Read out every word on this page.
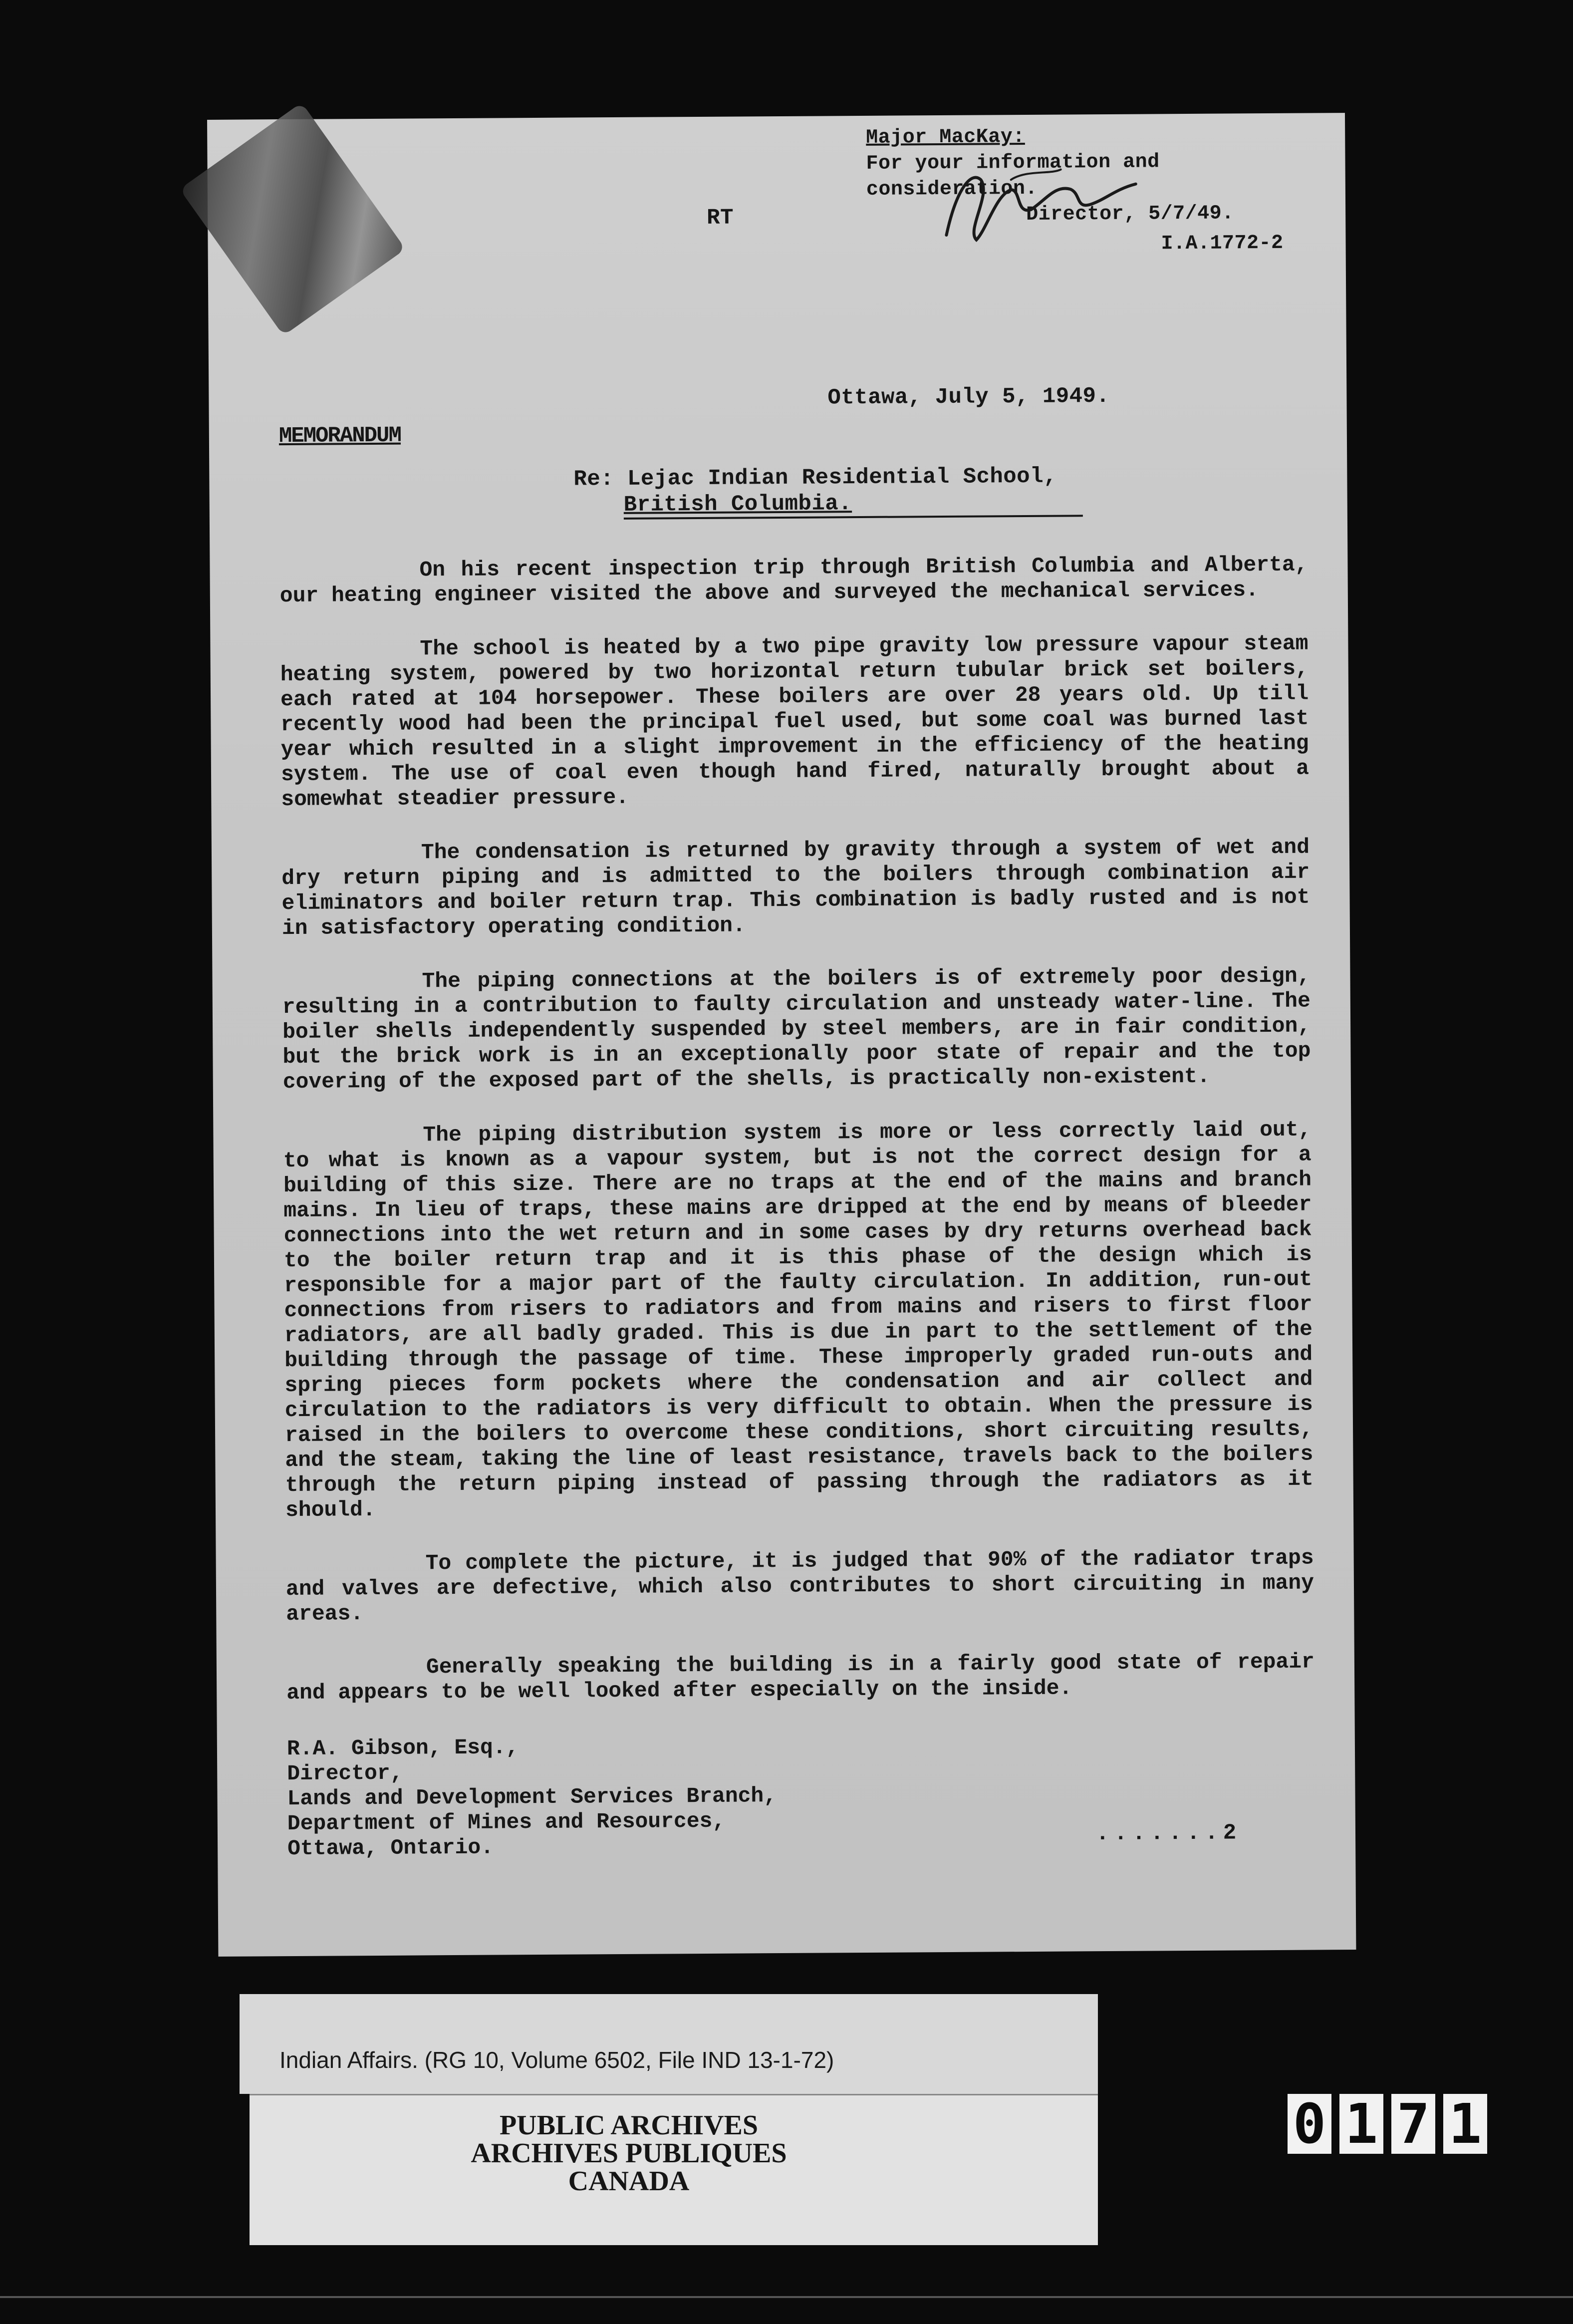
Major MacKay:
For your information and
consideration.
Director, 5/7/49.
I.A.1772-2
RT
Ottawa, July 5, 1949.
MEMORANDUM
Re: Lejac Indian Residential School,
British Columbia.

On his recent inspection trip through British Columbia and Alberta, our heating engineer visited the above and surveyed the mechanical services.

The school is heated by a two pipe gravity low pressure vapour steam heating system, powered by two horizontal return tubular brick set boilers, each rated at 104 horsepower. These boilers are over 28 years old. Up till recently wood had been the principal fuel used, but some coal was burned last year which resulted in a slight improvement in the efficiency of the heating system. The use of coal even though hand fired, naturally brought about a somewhat steadier pressure.

The condensation is returned by gravity through a system of wet and dry return piping and is admitted to the boilers through combination air eliminators and boiler return trap. This combination is badly rusted and is not in satisfactory operating condition.

The piping connections at the boilers is of extremely poor design, resulting in a contribution to faulty circulation and unsteady water-line. The boiler shells independently suspended by steel members, are in fair condition, but the brick work is in an exceptionally poor state of repair and the top covering of the exposed part of the shells, is practically non-existent.

The piping distribution system is more or less correctly laid out, to what is known as a vapour system, but is not the correct design for a building of this size. There are no traps at the end of the mains and branch mains. In lieu of traps, these mains are dripped at the end by means of bleeder connections into the wet return and in some cases by dry returns overhead back to the boiler return trap and it is this phase of the design which is responsible for a major part of the faulty circulation. In addition, run-out connections from risers to radiators and from mains and risers to first floor radiators, are all badly graded. This is due in part to the settlement of the building through the passage of time. These improperly graded run-outs and spring pieces form pockets where the condensation and air collect and circulation to the radiators is very difficult to obtain. When the pressure is raised in the boilers to overcome these conditions, short circuiting results, and the steam, taking the line of least resistance, travels back to the boilers through the return piping instead of passing through the radiators as it should.

To complete the picture, it is judged that 90% of the radiator traps and valves are defective, which also contributes to short circuiting in many areas.

Generally speaking the building is in a fairly good state of repair and appears to be well looked after especially on the inside.

R.A. Gibson, Esq.,
Director,
Lands and Development Services Branch,
Department of Mines and Resources,
Ottawa, Ontario.
.......2
Indian Affairs. (RG 10, Volume 6502, File IND 13-1-72)
PUBLIC ARCHIVES
ARCHIVES PUBLIQUES
CANADA
0 1 7 1
